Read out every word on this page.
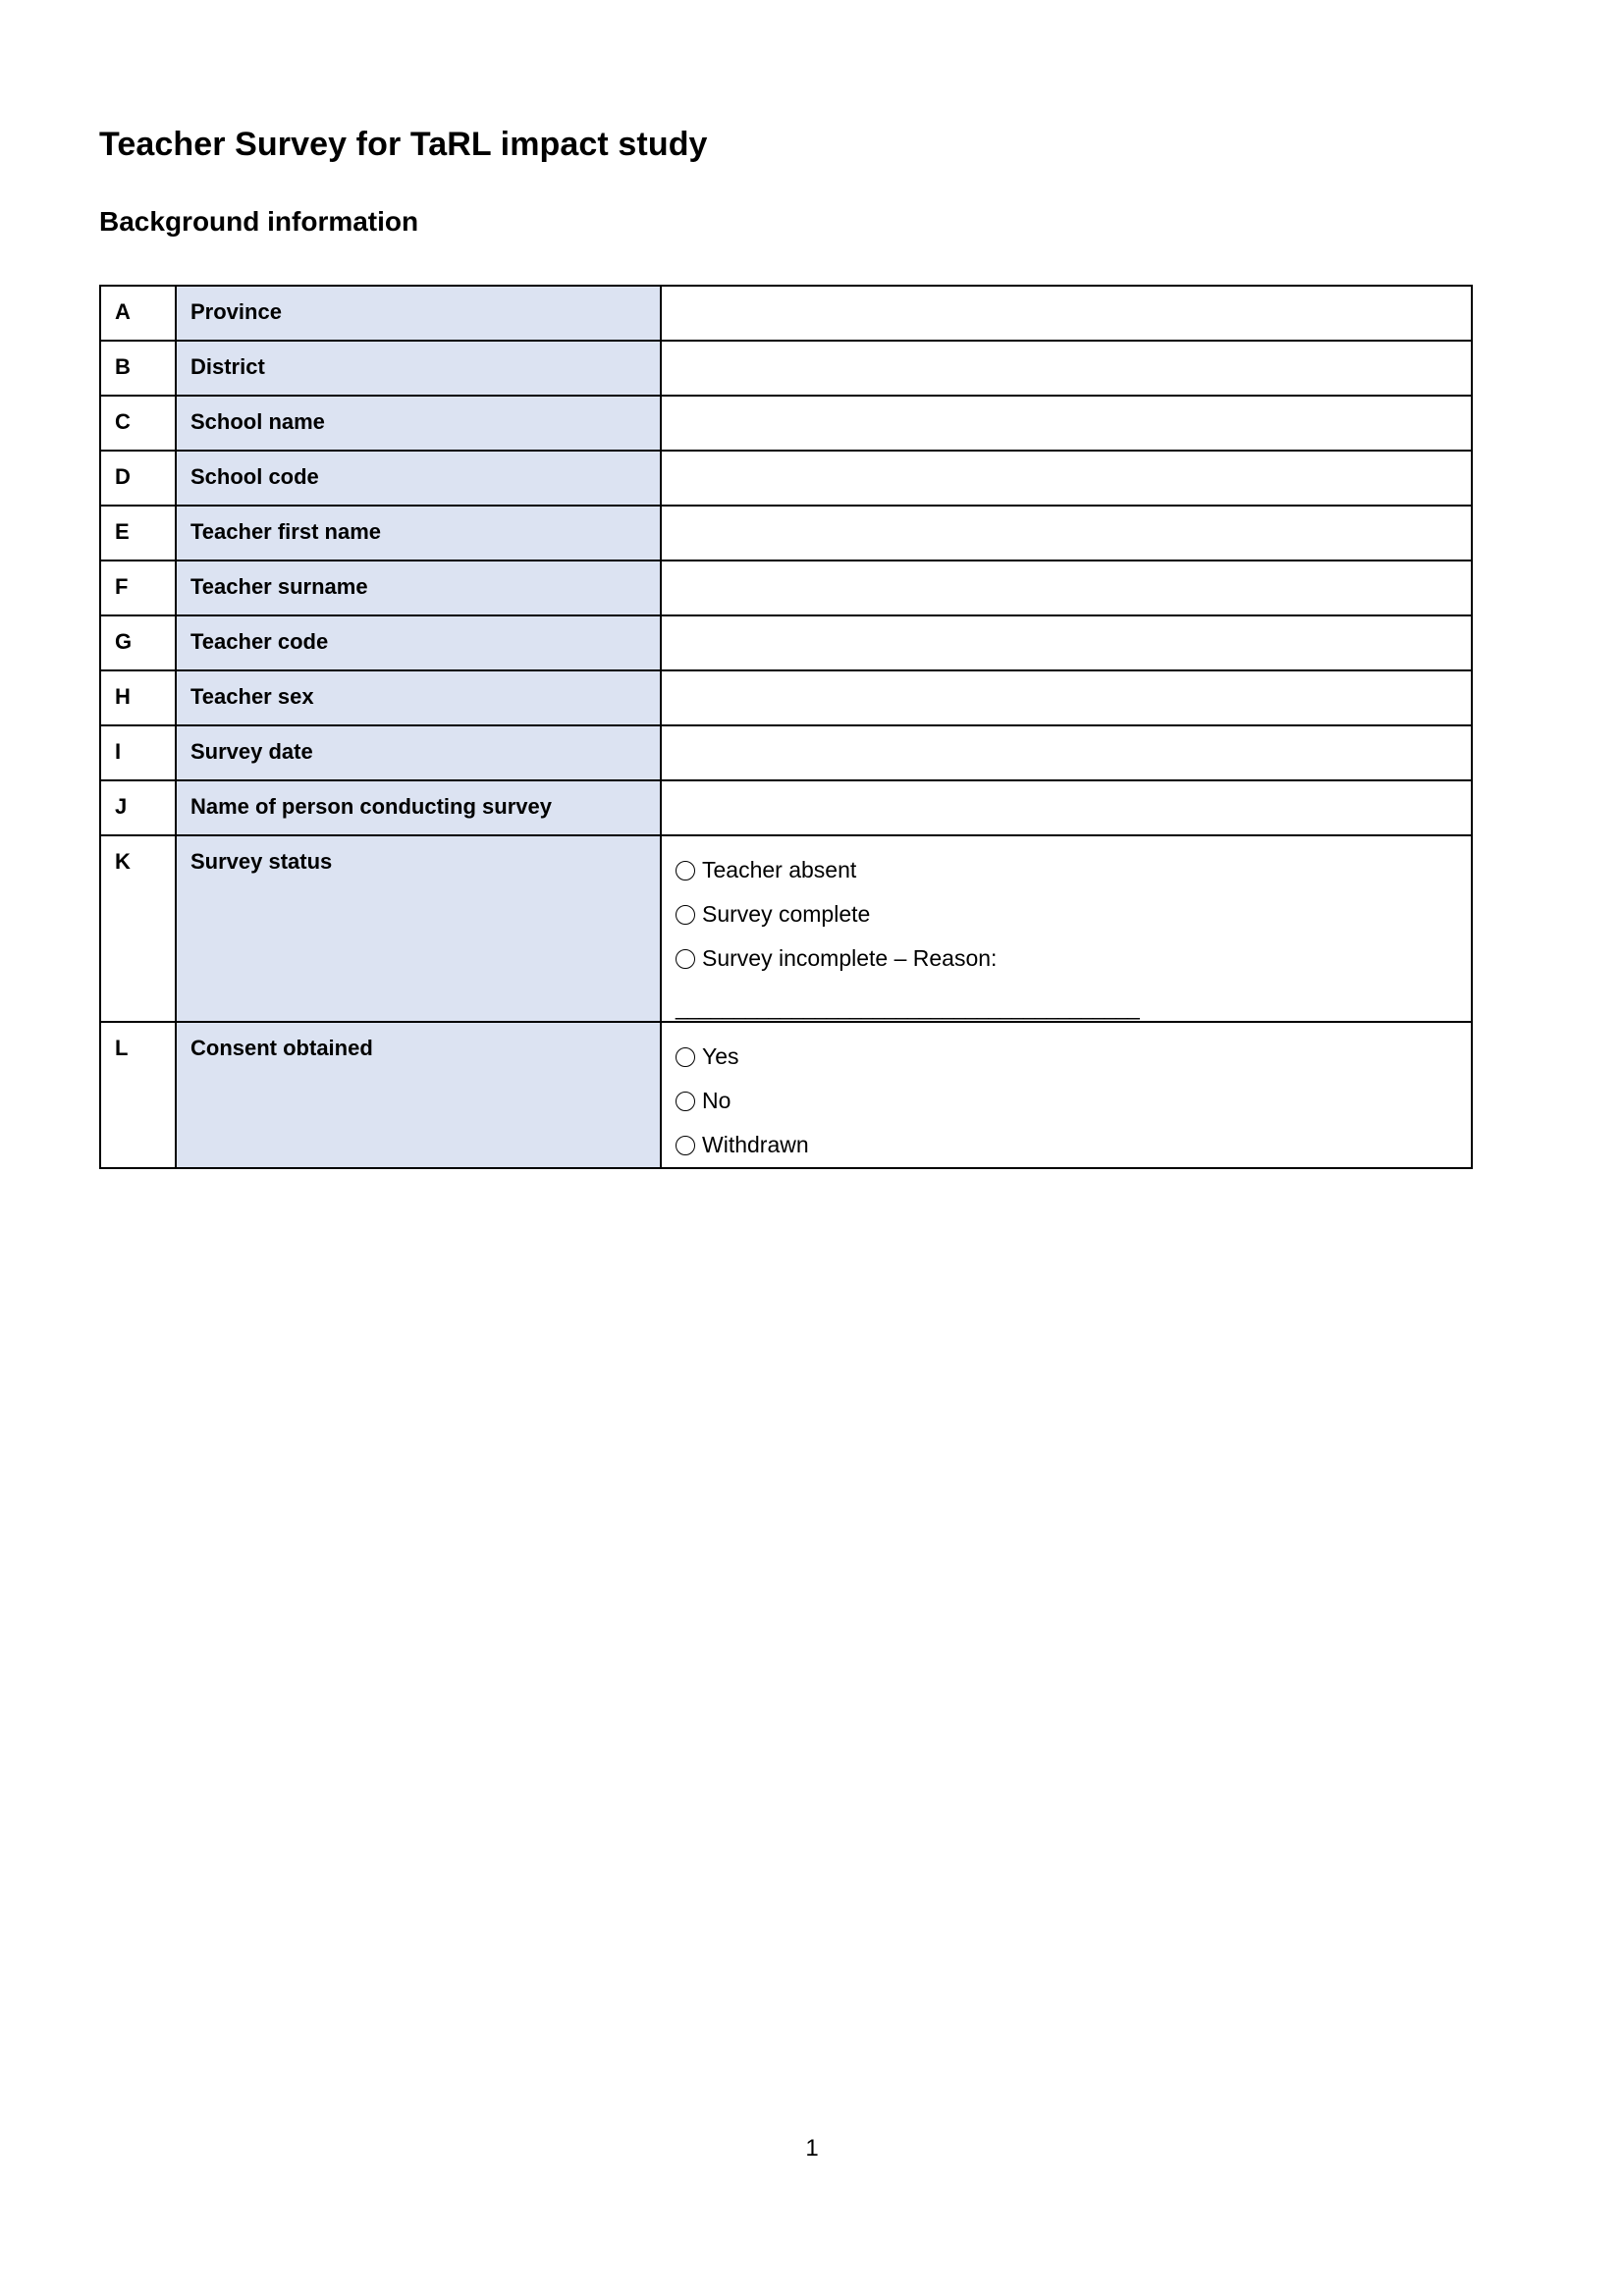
Teacher Survey for TaRL impact study
Background information
A	Province	
B	District	
C	School name	
D	School code	
E	Teacher first name	
F	Teacher surname	
G	Teacher code	
H	Teacher sex	
I	Survey date	
J	Name of person conducting survey	
K	Survey status	Teacher absent
Survey complete
Survey incomplete – Reason:
________________________________________

L	Consent obtained	Yes
No
Withdrawn
1
